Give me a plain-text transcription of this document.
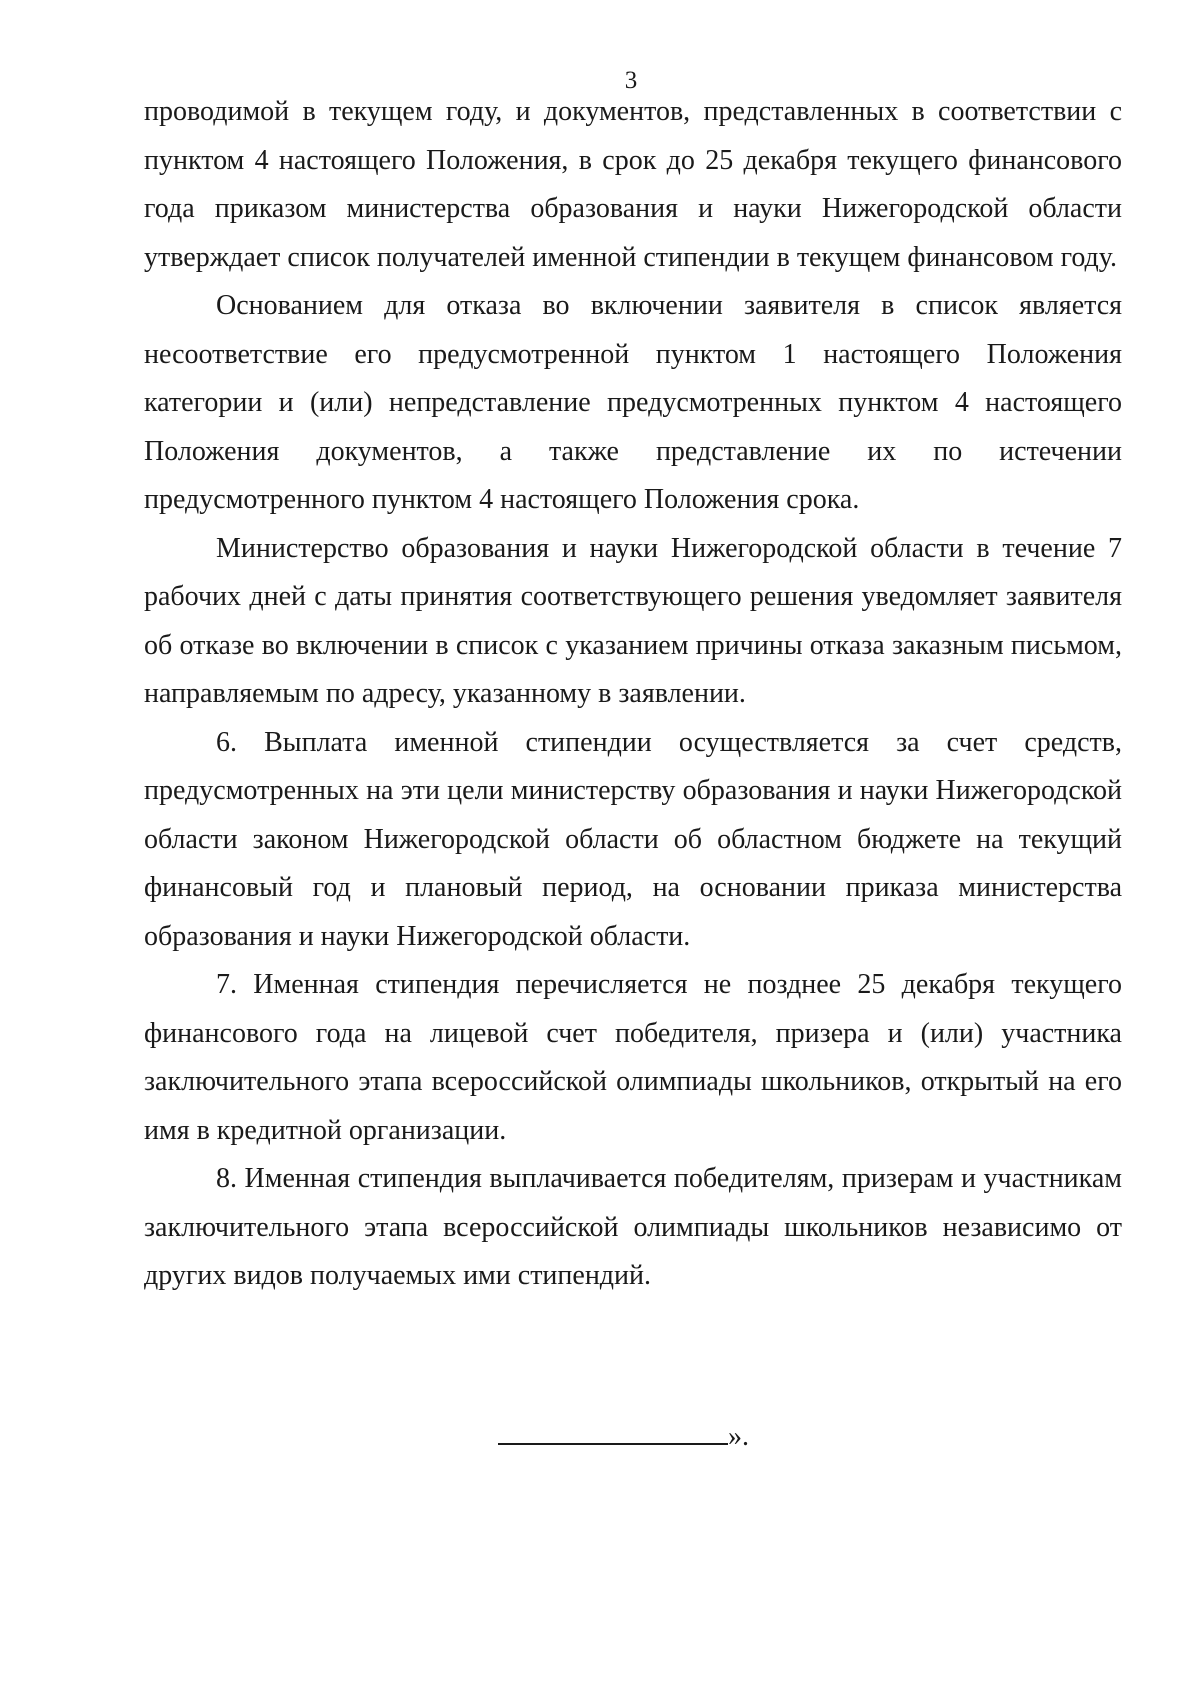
3

проводимой в текущем году, и документов, представленных в соответствии с пунктом 4 настоящего Положения, в срок до 25 декабря текущего финансового года приказом министерства образования и науки Нижегородской области утверждает список получателей именной стипендии в текущем финансовом году.

Основанием для отказа во включении заявителя в список является несоответствие его предусмотренной пунктом 1 настоящего Положения категории и (или) непредставление предусмотренных пунктом 4 настоящего Положения документов, а также представление их по истечении предусмотренного пунктом 4 настоящего Положения срока.

Министерство образования и науки Нижегородской области в течение 7 рабочих дней с даты принятия соответствующего решения уведомляет заявителя об отказе во включении в список с указанием причины отказа заказным письмом, направляемым по адресу, указанному в заявлении.

6. Выплата именной стипендии осуществляется за счет средств, предусмотренных на эти цели министерству образования и науки Нижегородской области законом Нижегородской области об областном бюджете на текущий финансовый год и плановый период, на основании приказа министерства образования и науки Нижегородской области.

7. Именная стипендия перечисляется не позднее 25 декабря текущего финансового года на лицевой счет победителя, призера и (или) участника заключительного этапа всероссийской олимпиады школьников, открытый на его имя в кредитной организации.

8. Именная стипендия выплачивается победителям, призерам и участникам заключительного этапа всероссийской олимпиады школьников независимо от других видов получаемых ими стипендий.

».
